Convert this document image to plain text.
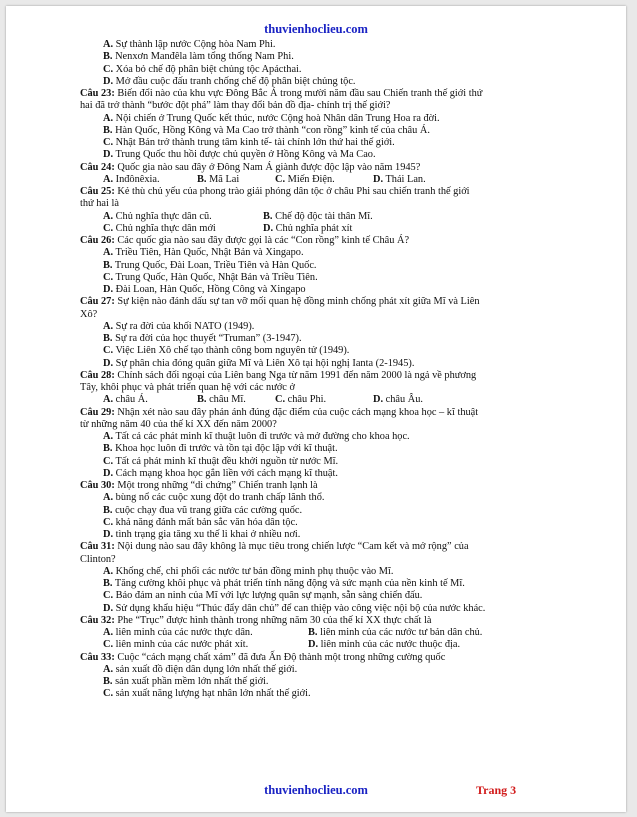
thuvienhoclieu.com
A. Sự thành lập nước Cộng hòa Nam Phi.
B. Nenxơn Manđêla làm tổng thống Nam Phi.
C. Xóa bỏ chế độ phân biệt chủng tộc Apácthai.
D. Mở đầu cuộc đấu tranh chống chế độ phân biệt chủng tộc.
Câu 23: Biến đổi nào của khu vực Đông Bắc Á trong mười năm đầu sau Chiến tranh thế giới thứ
hai đã trở thành “bước đột phá” làm thay đổi bản đồ địa- chính trị thế giới?
A. Nội chiến ở Trung Quốc kết thúc, nước Cộng hoà Nhân dân Trung Hoa ra đời.
B. Hàn Quốc, Hồng Kông và Ma Cao trở thành “con rồng” kinh tế của châu Á.
C. Nhật Bản trở thành trung tâm kinh tế- tài chính lớn thứ hai thế giới.
D. Trung Quốc thu hồi được chủ quyền ở Hồng Kông và Ma Cao.
Câu 24: Quốc gia nào sau đây ở Đông Nam Á giành được độc lập vào năm 1945?
A. Inđônêxia.	B. Mã Lai	C. Miến Điện.	D. Thái Lan.
Câu 25: Kẻ thù chủ yếu của phong trào giải phóng dân tộc ở châu Phi sau chiến tranh thế giới
thứ hai là
A. Chủ nghĩa thực dân cũ.	B. Chế độ độc tài thân Mĩ.
C. Chủ nghĩa thực dân mới	D. Chủ nghĩa phát xít
Câu 26: Các quốc gia nào sau đây được gọi là các “Con rồng” kinh tế Châu Á?
A. Triều Tiên, Hàn Quốc, Nhật Bản và Xingapo.
B. Trung Quốc, Đài Loan, Triều Tiên và Hàn Quốc.
C. Trung Quốc, Hàn Quốc, Nhật Bản và Triều Tiên.
D. Đài Loan, Hàn Quốc, Hồng Công và Xingapo
Câu 27: Sự kiện nào đánh dấu sự tan vỡ mối quan hệ đồng minh chống phát xít giữa Mĩ và Liên
Xô?
A. Sự ra đời của khối NATO (1949).
B. Sự ra đời của học thuyết “Truman” (3-1947).
C. Việc Liên Xô chế tạo thành công bom nguyên tử (1949).
D. Sự phân chia đóng quân giữa Mĩ và Liên Xô tại hội nghị Ianta (2-1945).
Câu 28: Chính sách đối ngoại của Liên bang Nga từ năm 1991 đến năm 2000 là ngả về phương
Tây, khôi phục và phát triển quan hệ với các nước ở
A. châu Á.	B. châu Mĩ.	C. châu Phi.	D. châu Âu.
Câu 29: Nhận xét nào sau đây phản ánh đúng đặc điểm của cuộc cách mạng khoa học – kĩ thuật
từ những năm 40 của thế kỉ XX đến năm 2000?
A. Tất cả các phát minh kĩ thuật luôn đi trước và mở đường cho khoa học.
B. Khoa học luôn đi trước và tồn tại độc lập với kĩ thuật.
C. Tất cả phát minh kĩ thuật đều khởi nguồn từ nước Mĩ.
D. Cách mạng khoa học gắn liền với cách mạng kĩ thuật.
Câu 30: Một trong những “di chứng” Chiến tranh lạnh là
A. bùng nổ các cuộc xung đột do tranh chấp lãnh thổ.
B. cuộc chạy đua vũ trang giữa các cường quốc.
C. khả năng đánh mất bản sắc văn hóa dân tộc.
D. tình trạng gia tăng xu thế li khai ở nhiều nơi.
Câu 31: Nội dung nào sau đây không là mục tiêu trong chiến lược “Cam kết và mở rộng” của
Clinton?
A. Khống chế, chi phối các nước tư bản đồng minh phụ thuộc vào Mĩ.
B. Tăng cường khôi phục và phát triển tính năng động và sức mạnh của nền kinh tế Mĩ.
C. Bảo đảm an ninh của Mĩ với lực lượng quân sự mạnh, sẵn sàng chiến đấu.
D. Sử dụng khẩu hiệu “Thúc đẩy dân chủ” để can thiệp vào công việc nội bộ của nước khác.
Câu 32: Phe “Trục” được hình thành trong những năm 30 của thế kỉ XX thực chất là
A. liên minh của các nước thực dân.	B. liên minh của các nước tư bản dân chủ.
C. liên minh của các nước phát xít.	D. liên minh của các nước thuộc địa.
Câu 33: Cuộc “cách mạng chất xám” đã đưa Ấn Độ thành một trong những cường quốc
A. sản xuất đồ điện dân dụng lớn nhất thế giới.
B. sản xuất phần mềm lớn nhất thế giới.
C. sản xuất năng lượng hạt nhân lớn nhất thế giới.
thuvienhoclieu.com	Trang 3
